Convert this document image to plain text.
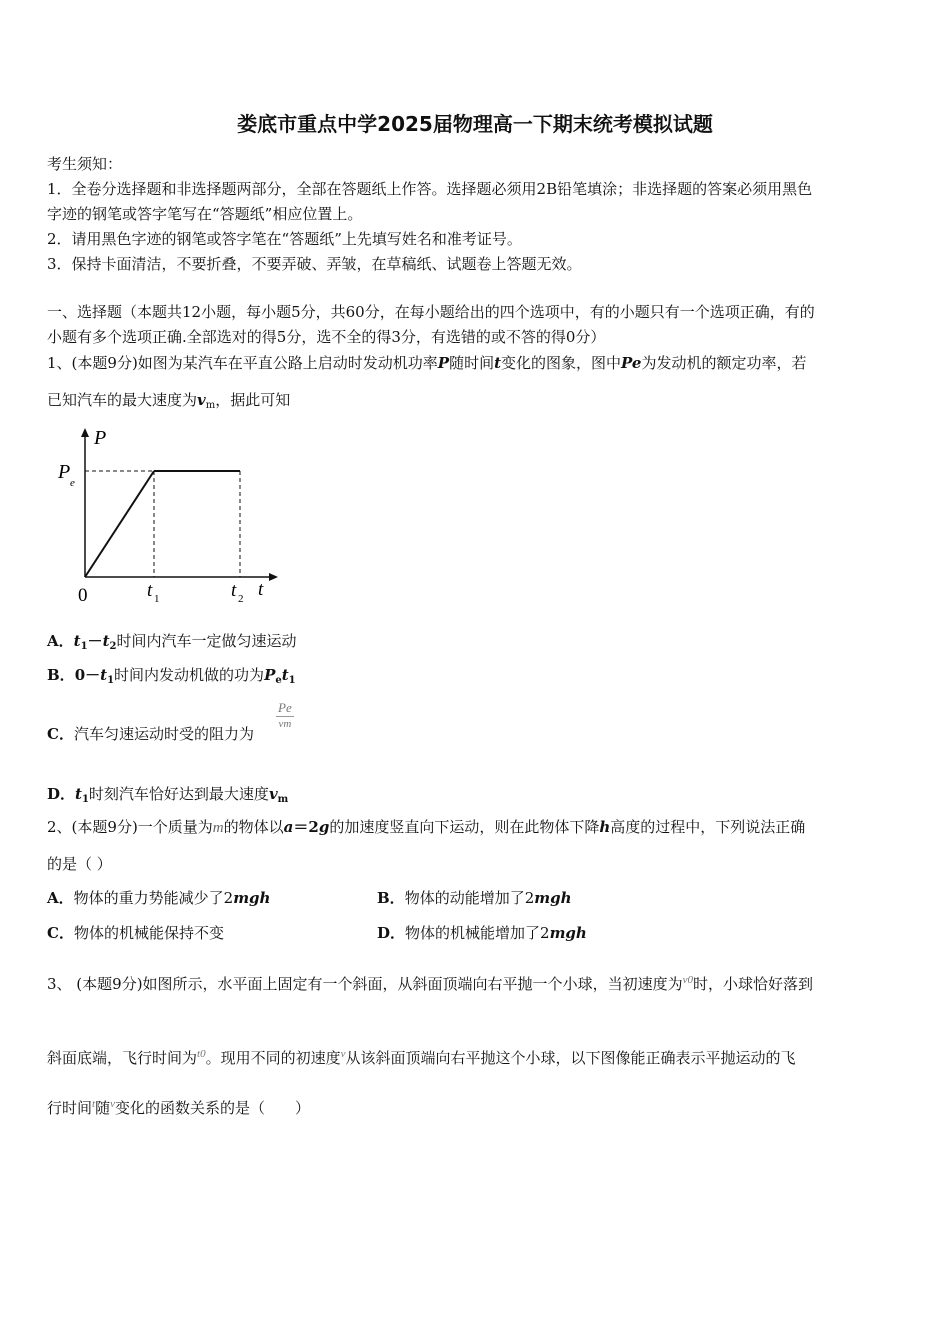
娄底市重点中学2025届物理高一下期末统考模拟试题
考生须知：
1．全卷分选择题和非选择题两部分，全部在答题纸上作答。选择题必须用2B铅笔填涂；非选择题的答案必须用黑色
字迹的钢笔或答字笔写在“答题纸”相应位置上。
2．请用黑色字迹的钢笔或答字笔在“答题纸”上先填写姓名和准考证号。
3．保持卡面清洁，不要折叠，不要弄破、弄皱，在草稿纸、试题卷上答题无效。
一、选择题（本题共12小题，每小题5分，共60分，在每小题给出的四个选项中，有的小题只有一个选项正确，有的
小题有多个选项正确.全部选对的得5分，选不全的得3分，有选错的或不答的得0分）
1、(本题9分)如图为某汽车在平直公路上启动时发动机功率P随时间t变化的图象，图中Pe为发动机的额定功率，若
已知汽车的最大速度为$v_m$，据此可知
P
P e
0	t 1	t 2 t
A．$t_1-t_2$时间内汽车一定做匀速运动
B．$0-t_1$时间内发动机做的功为$P_et_1$
C．汽车匀速运动时受的阻力为
Pe
vm
D．$t_1$时刻汽车恰好达到最大速度$v_m$
2、(本题9分)一个质量为m的物体以a＝2g的加速度竖直向下运动，则在此物体下降h高度的过程中，下列说法正确
的是（ ）
A．物体的重力势能减少了2mgh	B．物体的动能增加了2mgh
C．物体的机械能保持不变	D．物体的机械能增加了2mgh
3、 (本题9分)如图所示，水平面上固定有一个斜面，从斜面顶端向右平抛一个小球，当初速度为$^{v0}$时，小球恰好落到
斜面底端，飞行时间为$^{t0}$。现用不同的初速度$^v$从该斜面顶端向右平抛这个小球，以下图像能正确表示平抛运动的飞
行时间$^t$随$^v$变化的函数关系的是（　　）
